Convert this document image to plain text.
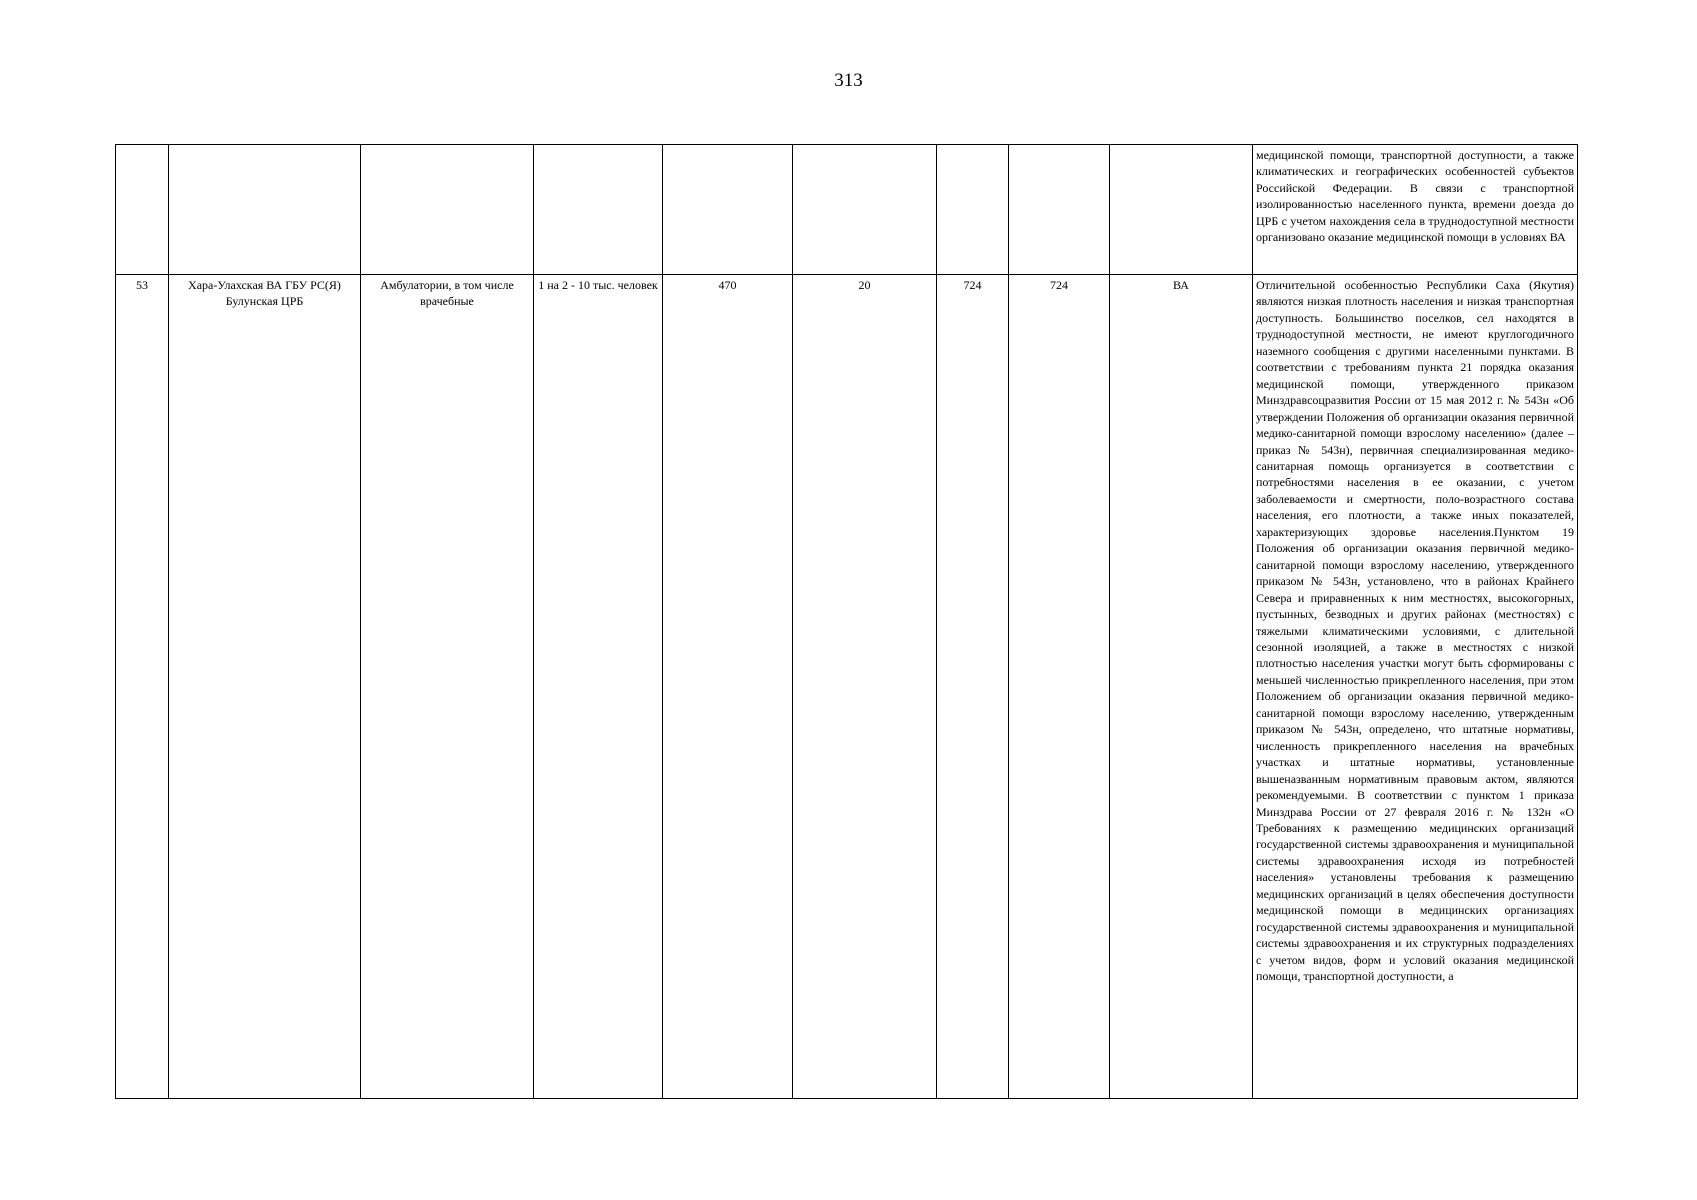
313
									медицинской помощи, транспортной доступности, а также климатических и географических особенностей субъектов Российской Федерации. В связи с транспортной изолированностью населенного пункта, времени доезда до ЦРБ с учетом нахождения села в труднодоступной местности организовано оказание медицинской помощи в условиях ВА
53	Хара-Улахская ВА ГБУ РС(Я) Булунская ЦРБ	Амбулатории, в том числе врачебные	1 на 2 - 10 тыс. человек	470	20	724	724	ВА	Отличительной особенностью Республики Саха (Якутия) являются низкая плотность населения и низкая транспортная доступность. Большинство поселков, сел находятся в труднодоступной местности, не имеют круглогодичного наземного сообщения с другими населенными пунктами. В соответствии с требованиям пункта 21 порядка оказания медицинской помощи, утвержденного приказом Минздравсоцразвития России от 15 мая 2012 г. № 543н «Об утверждении Положения об организации оказания первичной медико-санитарной помощи взрослому населению» (далее – приказ № 543н), первичная специализированная медико-санитарная помощь организуется в соответствии с потребностями населения в ее оказании, с учетом заболеваемости и смертности, поло-возрастного состава населения, его плотности, а также иных показателей, характеризующих здоровье населения.Пунктом 19 Положения об организации оказания первичной медико-санитарной помощи взрослому населению, утвержденного приказом № 543н, установлено, что в районах Крайнего Севера и приравненных к ним местностях, высокогорных, пустынных, безводных и других районах (местностях) с тяжелыми климатическими условиями, с длительной сезонной изоляцией, а также в местностях с низкой плотностью населения участки могут быть сформированы с меньшей численностью прикрепленного населения, при этом Положением об организации оказания первичной медико-санитарной помощи взрослому населению, утвержденным приказом № 543н, определено, что штатные нормативы, численность прикрепленного населения на врачебных участках и штатные нормативы, установленные вышеназванным нормативным правовым актом, являются рекомендуемыми. В соответствии с пунктом 1 приказа Минздрава России от 27 февраля 2016 г. № 132н «О Требованиях к размещению медицинских организаций государственной системы здравоохранения и муниципальной системы здравоохранения исходя из потребностей населения» установлены требования к размещению медицинских организаций в целях обеспечения доступности медицинской помощи в медицинских организациях государственной системы здравоохранения и муниципальной системы здравоохранения и их структурных подразделениях с учетом видов, форм и условий оказания медицинской помощи, транспортной доступности, а
